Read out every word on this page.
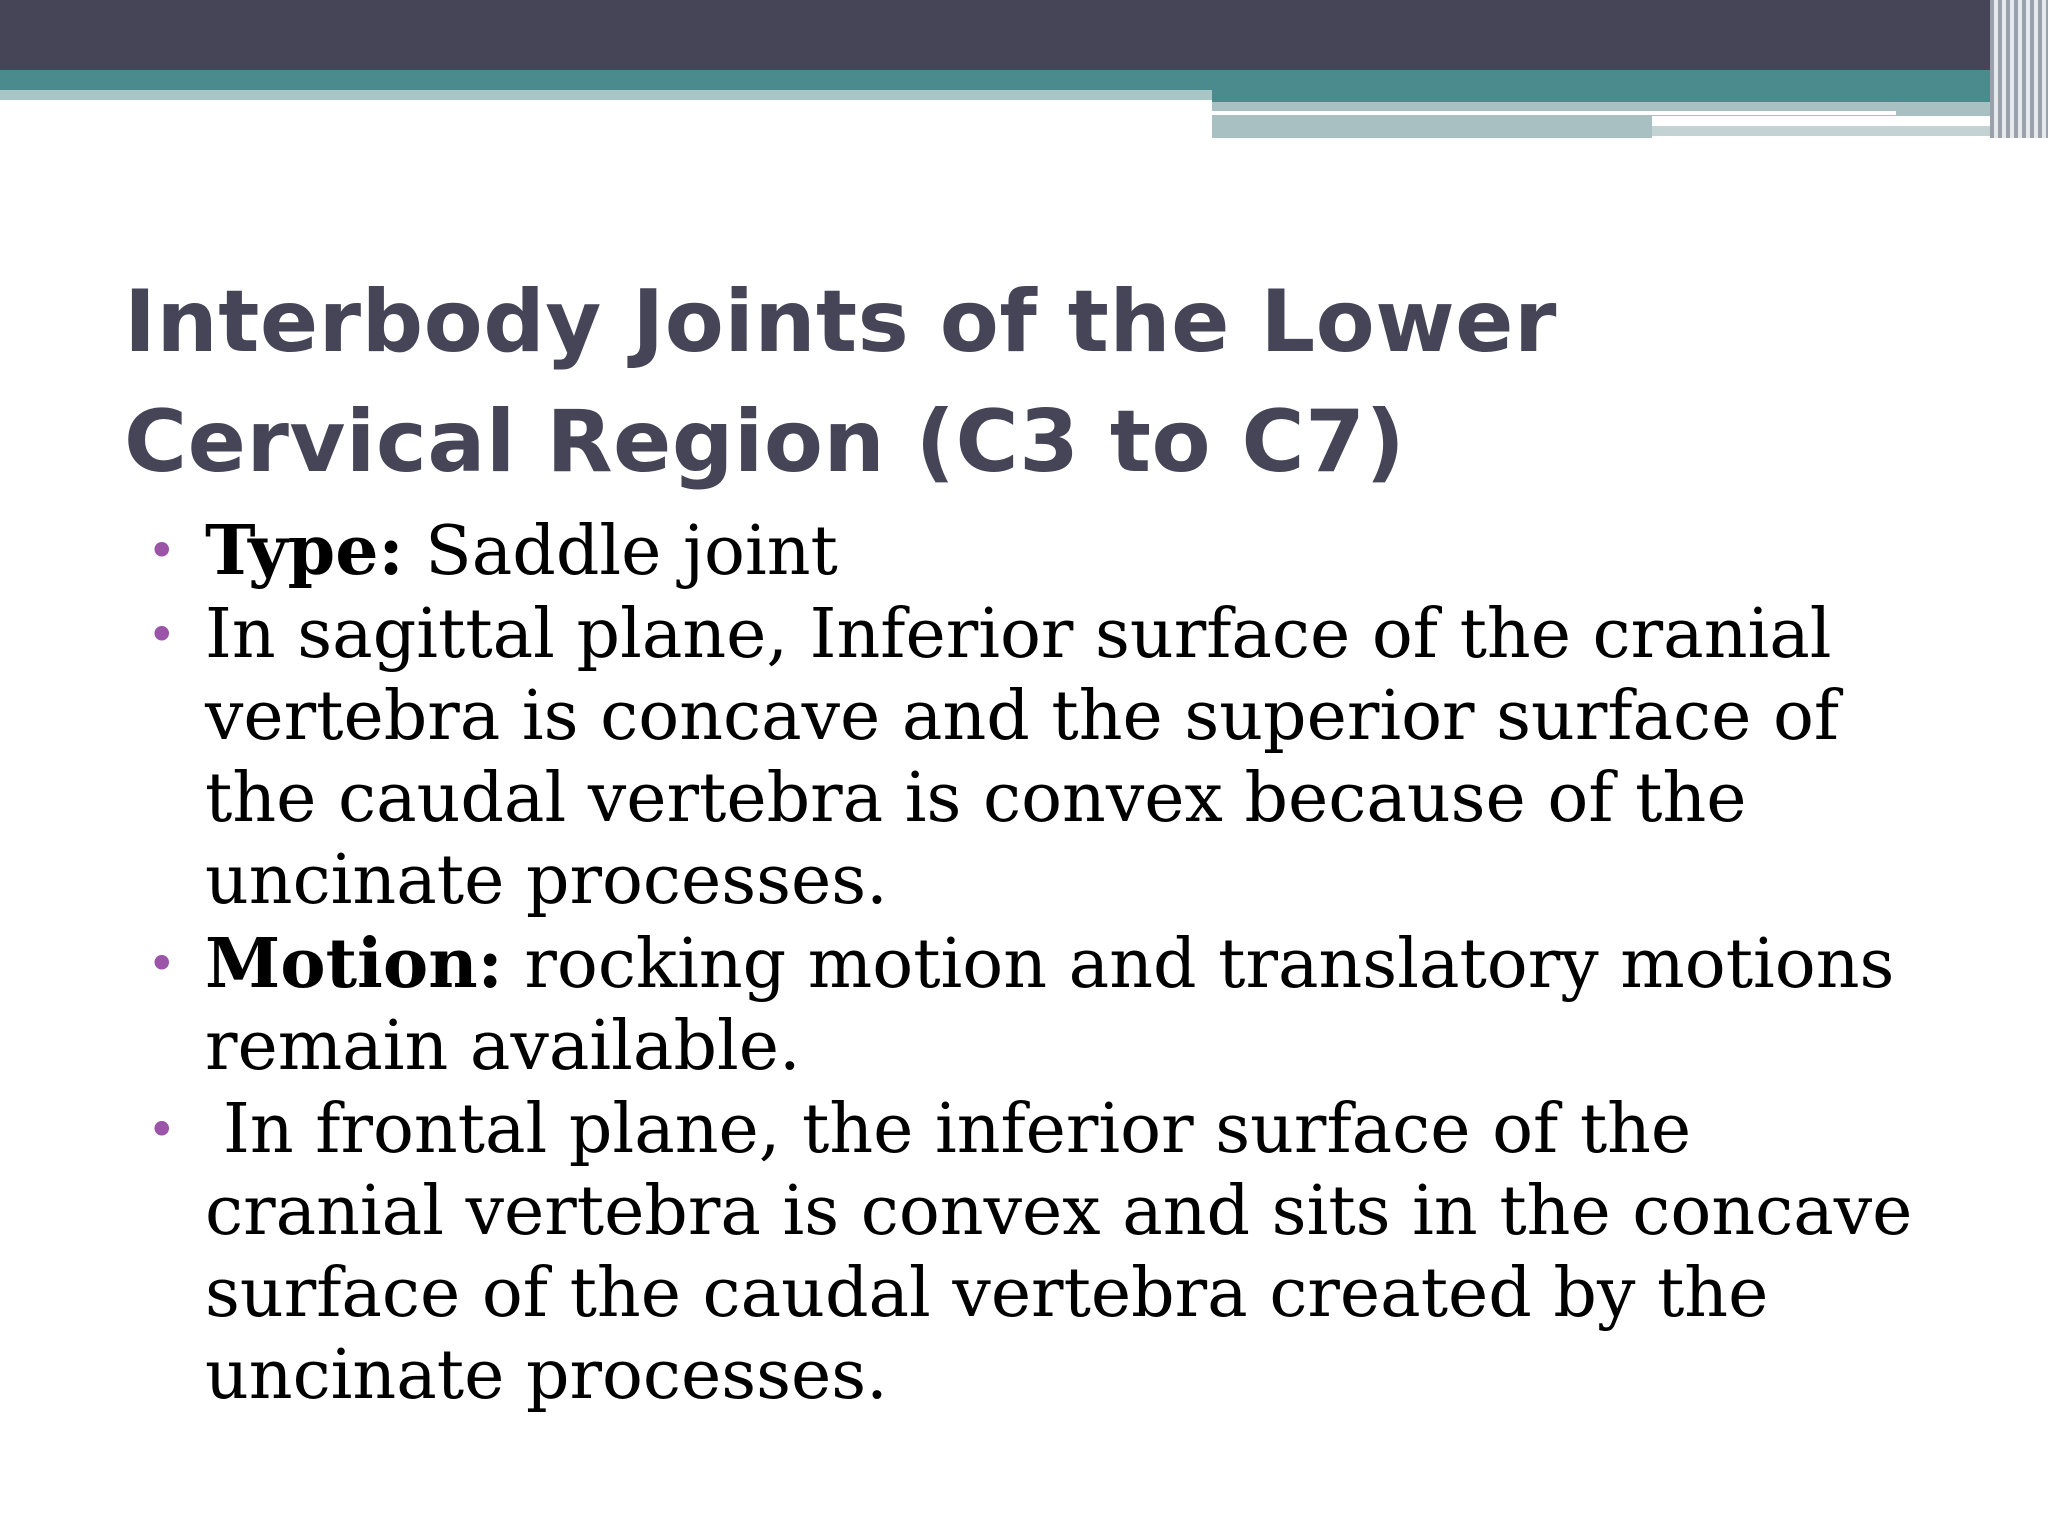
Interbody Joints of the Lower Cervical Region (C3 to C7)
• Type: Saddle joint
• In sagittal plane, Inferior surface of the cranial vertebra is concave and the superior surface of the caudal vertebra is convex because of the uncinate processes.
• Motion: rocking motion and translatory motions remain available.
• In frontal plane, the inferior surface of the cranial vertebra is convex and sits in the concave surface of the caudal vertebra created by the uncinate processes.
